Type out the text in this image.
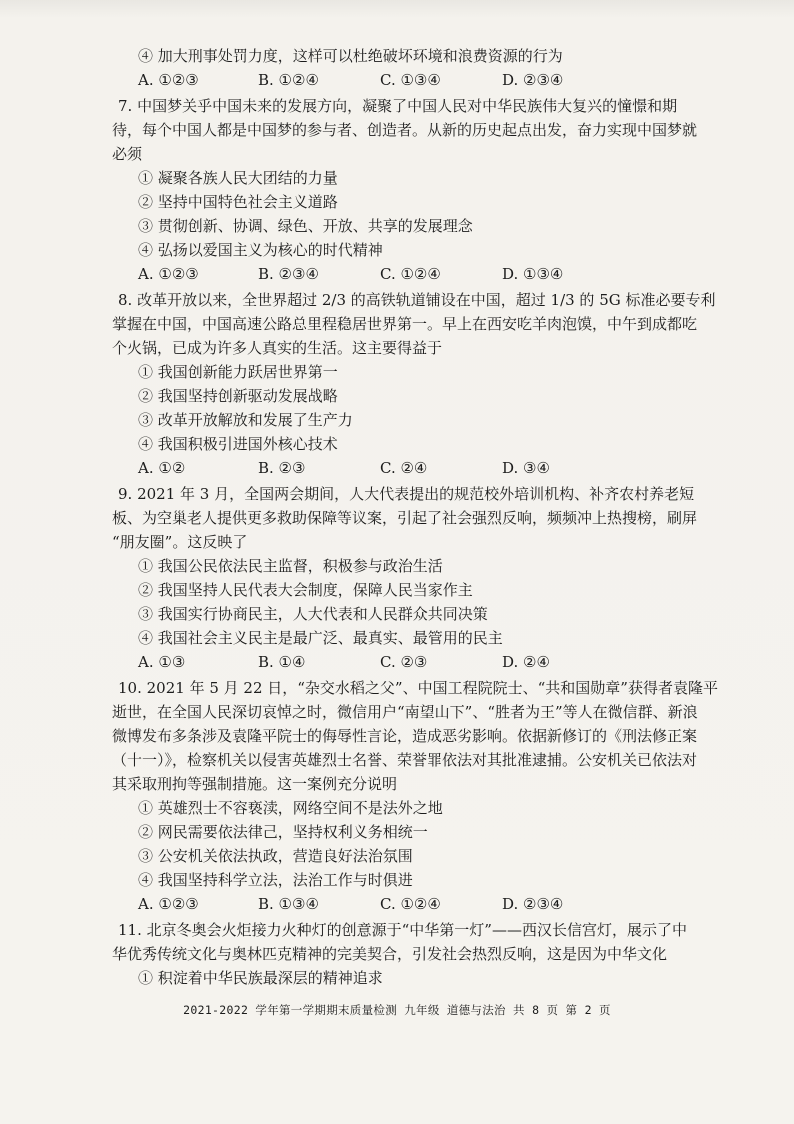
④ 加大刑事处罚力度，这样可以杜绝破坏环境和浪费资源的行为
A. ①②③	B. ①②④	C. ①③④	D. ②③④
7. 中国梦关乎中国未来的发展方向，凝聚了中国人民对中华民族伟大复兴的憧憬和期
待，每个中国人都是中国梦的参与者、创造者。从新的历史起点出发，奋力实现中国梦就
必须
① 凝聚各族人民大团结的力量
② 坚持中国特色社会主义道路
③ 贯彻创新、协调、绿色、开放、共享的发展理念
④ 弘扬以爱国主义为核心的时代精神
A. ①②③	B. ②③④	C. ①②④	D. ①③④
8. 改革开放以来，全世界超过 2/3 的高铁轨道铺设在中国，超过 1/3 的 5G 标准必要专利
掌握在中国，中国高速公路总里程稳居世界第一。早上在西安吃羊肉泡馍，中午到成都吃
个火锅，已成为许多人真实的生活。这主要得益于
① 我国创新能力跃居世界第一
② 我国坚持创新驱动发展战略
③ 改革开放解放和发展了生产力
④ 我国积极引进国外核心技术
A. ①②	B. ②③	C. ②④	D. ③④
9. 2021 年 3 月，全国两会期间，人大代表提出的规范校外培训机构、补齐农村养老短
板、为空巢老人提供更多救助保障等议案，引起了社会强烈反响，频频冲上热搜榜，刷屏
“朋友圈”。这反映了
① 我国公民依法民主监督，积极参与政治生活
② 我国坚持人民代表大会制度，保障人民当家作主
③ 我国实行协商民主，人大代表和人民群众共同决策
④ 我国社会主义民主是最广泛、最真实、最管用的民主
A. ①③	B. ①④	C. ②③	D. ②④
10. 2021 年 5 月 22 日，“杂交水稻之父”、中国工程院院士、“共和国勋章”获得者袁隆平
逝世，在全国人民深切哀悼之时，微信用户“南望山下”、“胜者为王”等人在微信群、新浪
微博发布多条涉及袁隆平院士的侮辱性言论，造成恶劣影响。依据新修订的《刑法修正案
（十一）》，检察机关以侵害英雄烈士名誉、荣誉罪依法对其批准逮捕。公安机关已依法对
其采取刑拘等强制措施。这一案例充分说明
① 英雄烈士不容亵渎，网络空间不是法外之地
② 网民需要依法律己，坚持权利义务相统一
③ 公安机关依法执政，营造良好法治氛围
④ 我国坚持科学立法，法治工作与时俱进
A. ①②③	B. ①③④	C. ①②④	D. ②③④
11. 北京冬奥会火炬接力火种灯的创意源于“中华第一灯”——西汉长信宫灯，展示了中
华优秀传统文化与奥林匹克精神的完美契合，引发社会热烈反响，这是因为中华文化
① 积淀着中华民族最深层的精神追求
2021-2022 学年第一学期期末质量检测 九年级 道德与法治 共 8 页 第 2 页
